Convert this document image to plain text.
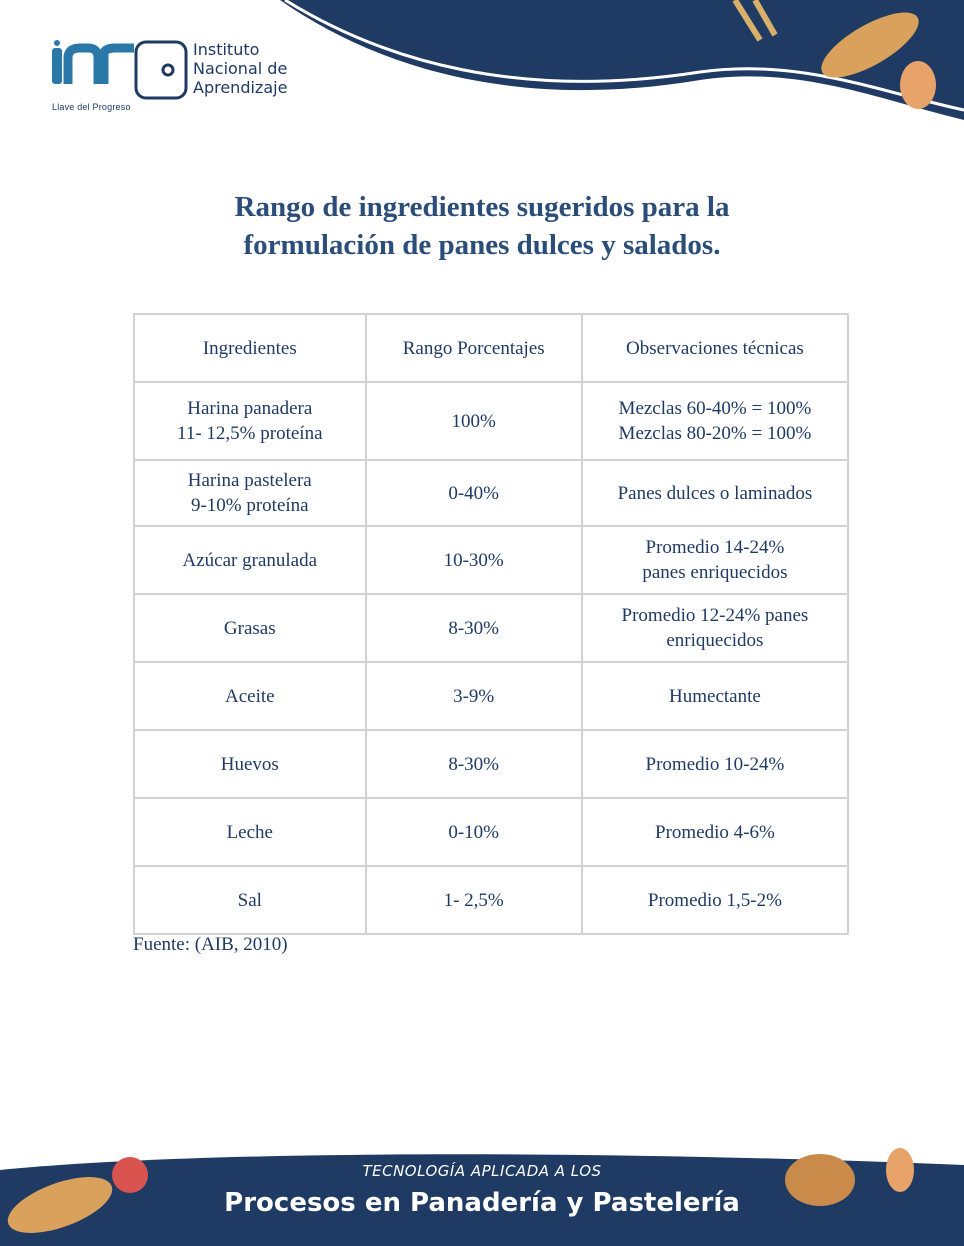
Llave del Progreso
Instituto
Nacional de
Aprendizaje
Rango de ingredientes sugeridos para la
formulación de panes dulces y salados.
Ingredientes	Rango Porcentajes	Observaciones técnicas

Harina panadera
11- 12,5% proteína	100%	Mezclas 60-40% = 100%
Mezclas 80-20% = 100%

Harina pastelera
9-10% proteína	0-40%	Panes dulces o laminados

Azúcar granulada	10-30%	Promedio 14-24%
panes enriquecidos

Grasas	8-30%	Promedio 12-24% panes
enriquecidos

Aceite	3-9%	Humectante

Huevos	8-30%	Promedio 10-24%

Leche	0-10%	Promedio 4-6%

Sal	1- 2,5%	Promedio 1,5-2%
Fuente: (AIB, 2010)
TECNOLOGÍA APLICADA A LOS
Procesos en Panadería y Pastelería
